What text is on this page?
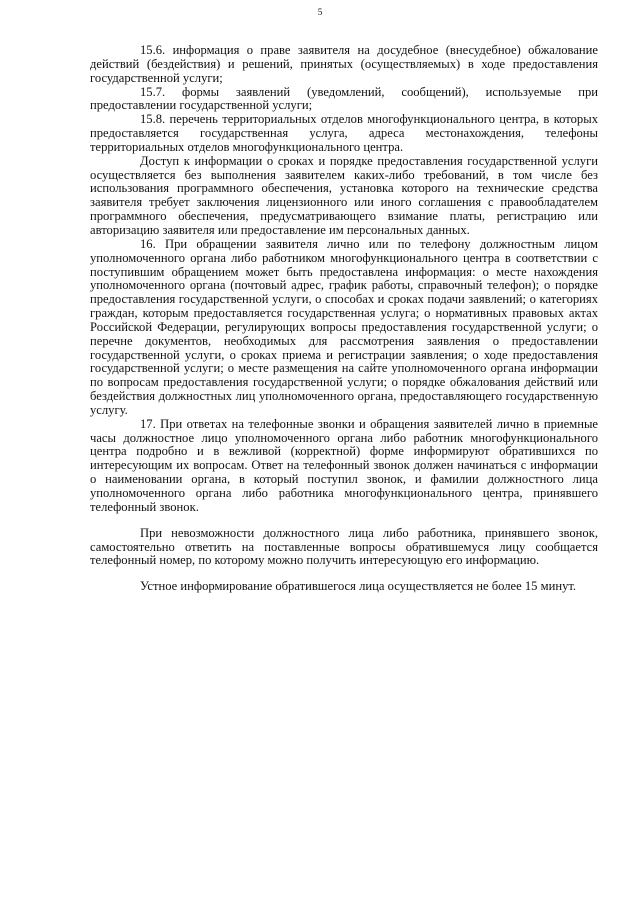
5

15.6. информация о праве заявителя на досудебное (внесудебное) обжалование действий (бездействия) и решений, принятых (осуществляемых) в ходе предоставления государственной услуги;

15.7. формы заявлений (уведомлений, сообщений), используемые при предоставлении государственной услуги;

15.8. перечень территориальных отделов многофункционального центра, в которых предоставляется государственная услуга, адреса местонахождения, телефоны территориальных отделов многофункционального центра.

Доступ к информации о сроках и порядке предоставления государственной услуги осуществляется без выполнения заявителем каких-либо требований, в том числе без использования программного обеспечения, установка которого на технические средства заявителя требует заключения лицензионного или иного соглашения с правообладателем программного обеспечения, предусматривающего взимание платы, регистрацию или авторизацию заявителя или предоставление им персональных данных.

16. При обращении заявителя лично или по телефону должностным лицом уполномоченного органа либо работником многофункционального центра в соответствии с поступившим обращением может быть предоставлена информация: о месте нахождения уполномоченного органа (почтовый адрес, график работы, справочный телефон); о порядке предоставления государственной услуги, о способах и сроках подачи заявлений; о категориях граждан, которым предоставляется государственная услуга; о нормативных правовых актах Российской Федерации, регулирующих вопросы предоставления государственной услуги; о перечне документов, необходимых для рассмотрения заявления о предоставлении государственной услуги, о сроках приема и регистрации заявления; о ходе предоставления государственной услуги; о месте размещения на сайте уполномоченного органа информации по вопросам предоставления государственной услуги; о порядке обжалования действий или бездействия должностных лиц уполномоченного органа, предоставляющего государственную услугу.

17. При ответах на телефонные звонки и обращения заявителей лично в приемные часы должностное лицо уполномоченного органа либо работник многофункционального центра подробно и в вежливой (корректной) форме информируют обратившихся по интересующим их вопросам. Ответ на телефонный звонок должен начинаться с информации о наименовании органа, в который поступил звонок, и фамилии должностного лица уполномоченного органа либо работника многофункционального центра, принявшего телефонный звонок.

При невозможности должностного лица либо работника, принявшего звонок, самостоятельно ответить на поставленные вопросы обратившемуся лицу сообщается телефонный номер, по которому можно получить интересующую его информацию.

Устное информирование обратившегося лица осуществляется не более 15 минут.
